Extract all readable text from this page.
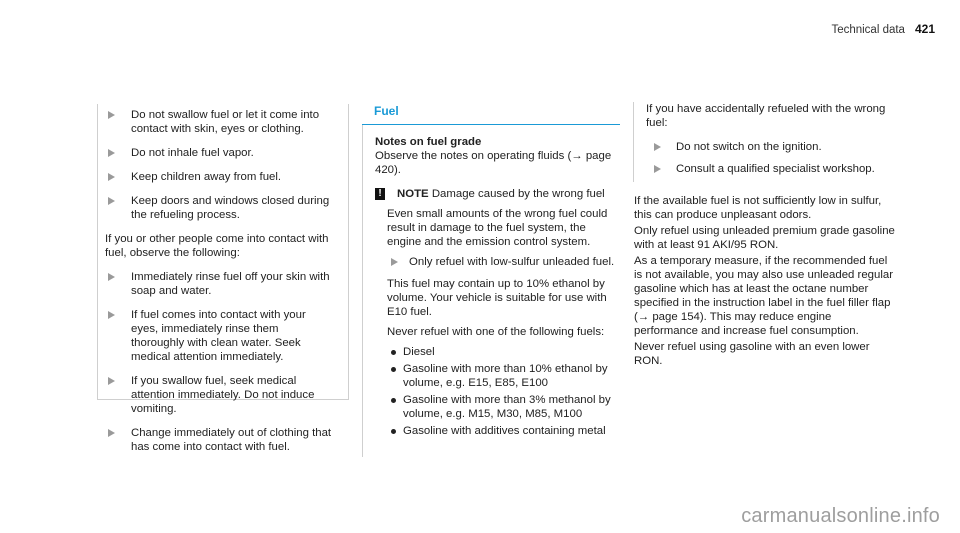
Technical data 421
Do not swallow fuel or let it come into contact with skin, eyes or clothing.
Do not inhale fuel vapor.
Keep children away from fuel.
Keep doors and windows closed during the refueling process.
If you or other people come into contact with fuel, observe the following:
Immediately rinse fuel off your skin with soap and water.
If fuel comes into contact with your eyes, immediately rinse them thoroughly with clean water. Seek medical attention immediately.
If you swallow fuel, seek medical attention immediately. Do not induce vomiting.
Change immediately out of clothing that has come into contact with fuel.
Fuel
Notes on fuel grade
Observe the notes on operating fluids (→ page 420).
! NOTE Damage caused by the wrong fuel
Even small amounts of the wrong fuel could result in damage to the fuel system, the engine and the emission control system.
Only refuel with low-sulfur unleaded fuel.
This fuel may contain up to 10% ethanol by volume. Your vehicle is suitable for use with E10 fuel.
Never refuel with one of the following fuels:
Diesel
Gasoline with more than 10% ethanol by volume, e.g. E15, E85, E100
Gasoline with more than 3% methanol by volume, e.g. M15, M30, M85, M100
Gasoline with additives containing metal
If you have accidentally refueled with the wrong fuel:
Do not switch on the ignition.
Consult a qualified specialist workshop.
If the available fuel is not sufficiently low in sulfur, this can produce unpleasant odors.
Only refuel using unleaded premium grade gasoline with at least 91 AKI/95 RON.
As a temporary measure, if the recommended fuel is not available, you may also use unleaded regular gasoline which has at least the octane number specified in the instruction label in the fuel filler flap (→ page 154). This may reduce engine performance and increase fuel consumption.
Never refuel using gasoline with an even lower RON.
carmanualsonline.info
